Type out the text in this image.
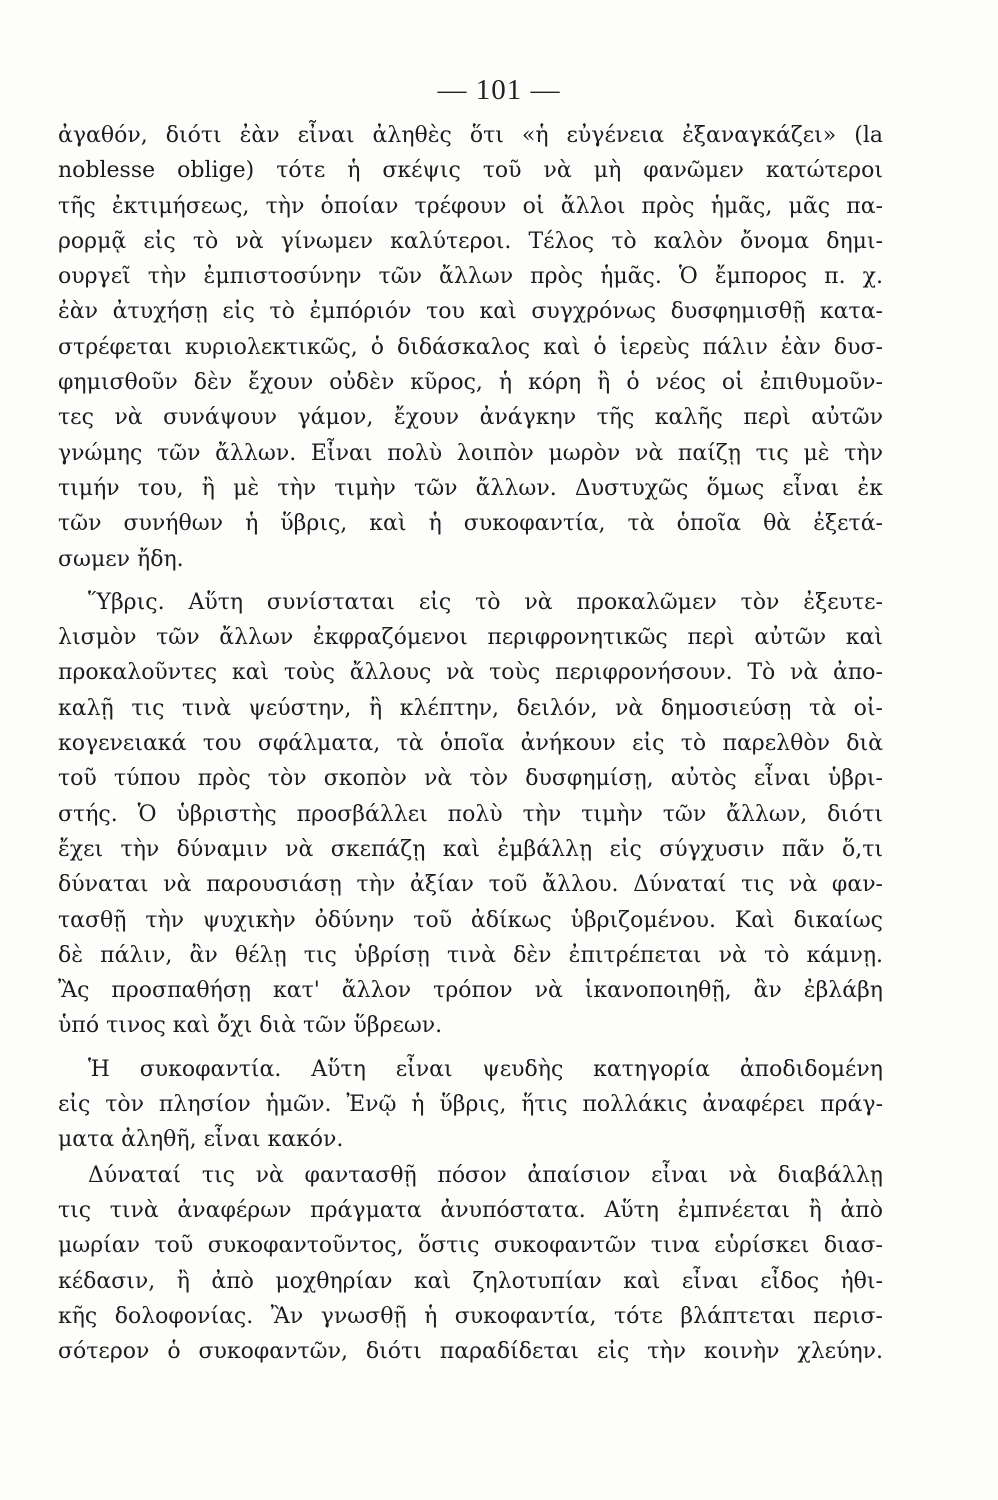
— 101 —
ἀγαθόν, διότι ἐὰν εἶναι ἀληθὲς ὅτι «ἡ εὐγένεια ἐξαναγκάζει» (la
noblesse oblige) τότε ἡ σκέψις τοῦ νὰ μὴ φανῶμεν κατώτεροι
τῆς ἐκτιμήσεως, τὴν ὁποίαν τρέφουν οἱ ἄλλοι πρὸς ἡμᾶς, μᾶς πα-
ρορμᾷ εἰς τὸ νὰ γίνωμεν καλύτεροι. Τέλος τὸ καλὸν ὄνομα δημι-
ουργεῖ τὴν ἐμπιστοσύνην τῶν ἄλλων πρὸς ἡμᾶς. Ὁ ἔμπορος π. χ.
ἐὰν ἀτυχήσῃ εἰς τὸ ἐμπόριόν του καὶ συγχρόνως δυσφημισθῇ κατα-
στρέφεται κυριολεκτικῶς, ὁ διδάσκαλος καὶ ὁ ἱερεὺς πάλιν ἐὰν δυσ-
φημισθοῦν δὲν ἔχουν οὐδὲν κῦρος, ἡ κόρη ἢ ὁ νέος οἱ ἐπιθυμοῦν-
τες νὰ συνάψουν γάμον, ἔχουν ἀνάγκην τῆς καλῆς περὶ αὐτῶν
γνώμης τῶν ἄλλων. Εἶναι πολὺ λοιπὸν μωρὸν νὰ παίζῃ τις μὲ τὴν
τιμήν του, ἢ μὲ τὴν τιμὴν τῶν ἄλλων. Δυστυχῶς ὅμως εἶναι ἐκ
τῶν συνήθων ἡ ὕβρις, καὶ ἡ συκοφαντία, τὰ ὁποῖα θὰ ἐξετά-
σωμεν ἤδη.
Ὕβρις. Αὕτη συνίσταται εἰς τὸ νὰ προκαλῶμεν τὸν ἐξευτε-
λισμὸν τῶν ἄλλων ἐκφραζόμενοι περιφρονητικῶς περὶ αὐτῶν καὶ
προκαλοῦντες καὶ τοὺς ἄλλους νὰ τοὺς περιφρονήσουν. Τὸ νὰ ἀπο-
καλῇ τις τινὰ ψεύστην, ἢ κλέπτην, δειλόν, νὰ δημοσιεύσῃ τὰ οἰ-
κογενειακά του σφάλματα, τὰ ὁποῖα ἀνήκουν εἰς τὸ παρελθὸν διὰ
τοῦ τύπου πρὸς τὸν σκοπὸν νὰ τὸν δυσφημίσῃ, αὐτὸς εἶναι ὑβρι-
στής. Ὁ ὑβριστὴς προσβάλλει πολὺ τὴν τιμὴν τῶν ἄλλων, διότι
ἔχει τὴν δύναμιν νὰ σκεπάζῃ καὶ ἐμβάλλῃ εἰς σύγχυσιν πᾶν ὅ,τι
δύναται νὰ παρουσιάσῃ τὴν ἀξίαν τοῦ ἄλλου. Δύναταί τις νὰ φαν-
τασθῇ τὴν ψυχικὴν ὀδύνην τοῦ ἀδίκως ὑβριζομένου. Καὶ δικαίως
δὲ πάλιν, ἂν θέλῃ τις ὑβρίσῃ τινὰ δὲν ἐπιτρέπεται νὰ τὸ κάμνῃ.
Ἂς προσπαθήσῃ κατ' ἄλλον τρόπον νὰ ἱκανοποιηθῇ, ἂν ἐβλάβη
ὑπό τινος καὶ ὄχι διὰ τῶν ὕβρεων.
Ἡ συκοφαντία. Αὕτη εἶναι ψευδὴς κατηγορία ἀποδιδομένη
εἰς τὸν πλησίον ἡμῶν. Ἐνῷ ἡ ὕβρις, ἥτις πολλάκις ἀναφέρει πράγ-
ματα ἀληθῆ, εἶναι κακόν.
Δύναταί τις νὰ φαντασθῇ πόσον ἀπαίσιον εἶναι νὰ διαβάλλῃ
τις τινὰ ἀναφέρων πράγματα ἀνυπόστατα. Αὕτη ἐμπνέεται ἢ ἀπὸ
μωρίαν τοῦ συκοφαντοῦντος, ὅστις συκοφαντῶν τινα εὑρίσκει διασ-
κέδασιν, ἢ ἀπὸ μοχθηρίαν καὶ ζηλοτυπίαν καὶ εἶναι εἶδος ἠθι-
κῆς δολοφονίας. Ἂν γνωσθῇ ἡ συκοφαντία, τότε βλάπτεται περισ-
σότερον ὁ συκοφαντῶν, διότι παραδίδεται εἰς τὴν κοινὴν χλεύην.
